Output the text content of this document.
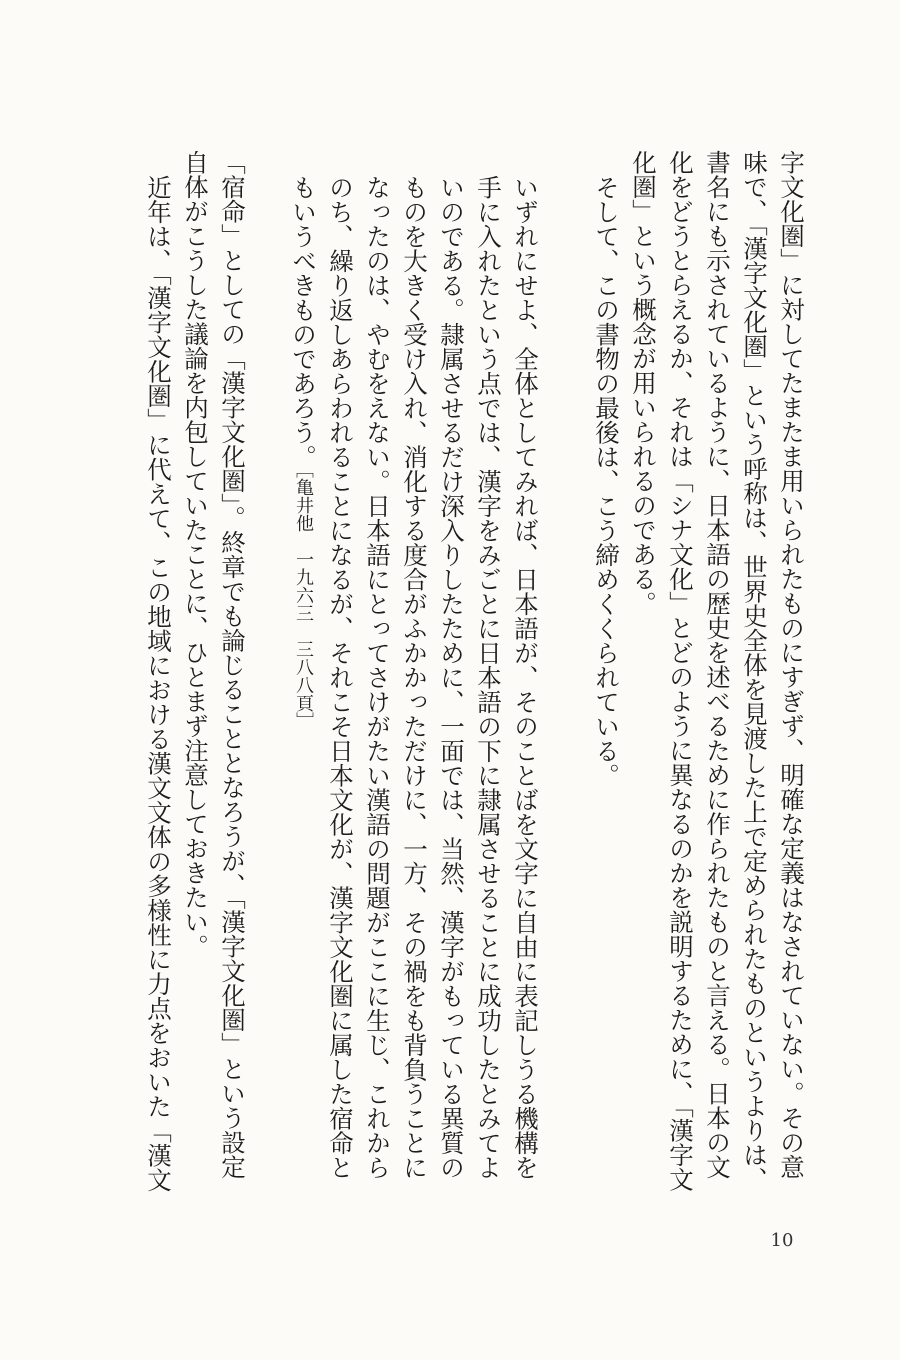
字文化圏」に対してたまたま用いられたものにすぎず、明確な定義はなされていない。その意味で、「漢字文化圏」という呼称は、世界史全体を見渡した上で定められたものというよりは、書名にも示されているように、日本語の歴史を述べるために作られたものと言える。日本の文化をどうとらえるか、それは「シナ文化」とどのように異なるのかを説明するために、「漢字文化圏」という概念が用いられるのである。

そして、この書物の最後は、こう締めくくられている。

いずれにせよ、全体としてみれば、日本語が、そのことばを文字に自由に表記しうる機構を手に入れたという点では、漢字をみごとに日本語の下に隷属させることに成功したとみてよいのである。隷属させるだけ深入りしたために、一面では、当然、漢字がもっている異質のものを大きく受け入れ、消化する度合がふかかっただけに、一方、その禍をも背負うことになったのは、やむをえない。日本語にとってさけがたい漢語の問題がここに生じ、これからのち、繰り返しあらわれることになるが、それこそ日本文化が、漢字文化圏に属した宿命ともいうべきものであろう。［亀井他　一九六三　三八八頁］

「宿命」としての「漢字文化圏」。終章でも論じることとなろうが、「漢字文化圏」という設定自体がこうした議論を内包していたことに、ひとまず注意しておきたい。

近年は、「漢字文化圏」に代えて、この地域における漢文文体の多様性に力点をおいた「漢文

10
